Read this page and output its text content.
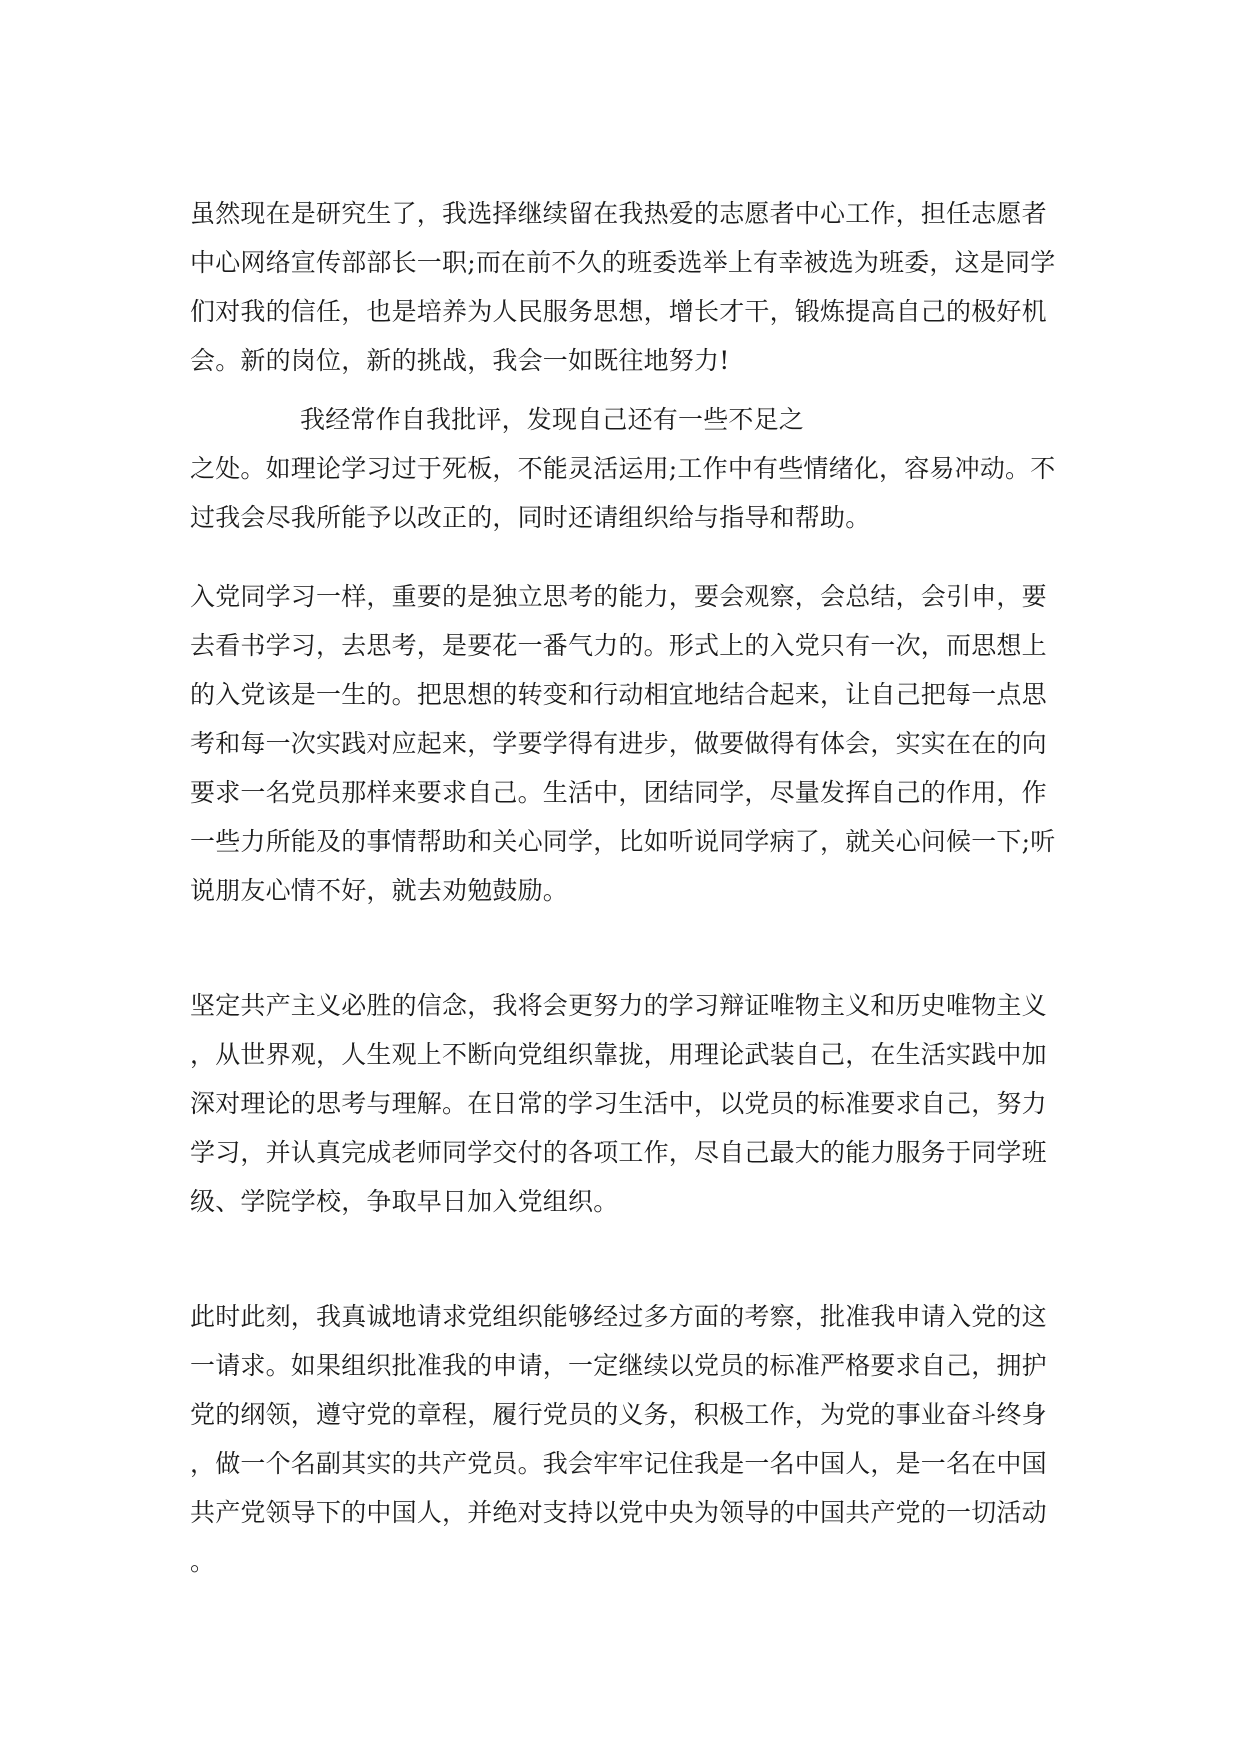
虽然现在是研究生了，我选择继续留在我热爱的志愿者中心工作，担任志愿者
中心网络宣传部部长一职;而在前不久的班委选举上有幸被选为班委，这是同学
们对我的信任，也是培养为人民服务思想，增长才干，锻炼提高自己的极好机
会。新的岗位，新的挑战，我会一如既往地努力!
我经常作自我批评，发现自己还有一些不足之
之处。如理论学习过于死板，不能灵活运用;工作中有些情绪化，容易冲动。不
过我会尽我所能予以改正的，同时还请组织给与指导和帮助。
入党同学习一样，重要的是独立思考的能力，要会观察，会总结，会引申，要
去看书学习，去思考，是要花一番气力的。形式上的入党只有一次，而思想上
的入党该是一生的。把思想的转变和行动相宜地结合起来，让自己把每一点思
考和每一次实践对应起来，学要学得有进步，做要做得有体会，实实在在的向
要求一名党员那样来要求自己。生活中，团结同学，尽量发挥自己的作用，作
一些力所能及的事情帮助和关心同学，比如听说同学病了，就关心问候一下;听
说朋友心情不好，就去劝勉鼓励。
坚定共产主义必胜的信念，我将会更努力的学习辩证唯物主义和历史唯物主义
，从世界观，人生观上不断向党组织靠拢，用理论武装自己，在生活实践中加
深对理论的思考与理解。在日常的学习生活中，以党员的标准要求自己，努力
学习，并认真完成老师同学交付的各项工作，尽自己最大的能力服务于同学班
级、学院学校，争取早日加入党组织。
此时此刻，我真诚地请求党组织能够经过多方面的考察，批准我申请入党的这
一请求。如果组织批准我的申请，一定继续以党员的标准严格要求自己，拥护
党的纲领，遵守党的章程，履行党员的义务，积极工作，为党的事业奋斗终身
，做一个名副其实的共产党员。我会牢牢记住我是一名中国人，是一名在中国
共产党领导下的中国人，并绝对支持以党中央为领导的中国共产党的一切活动
。
